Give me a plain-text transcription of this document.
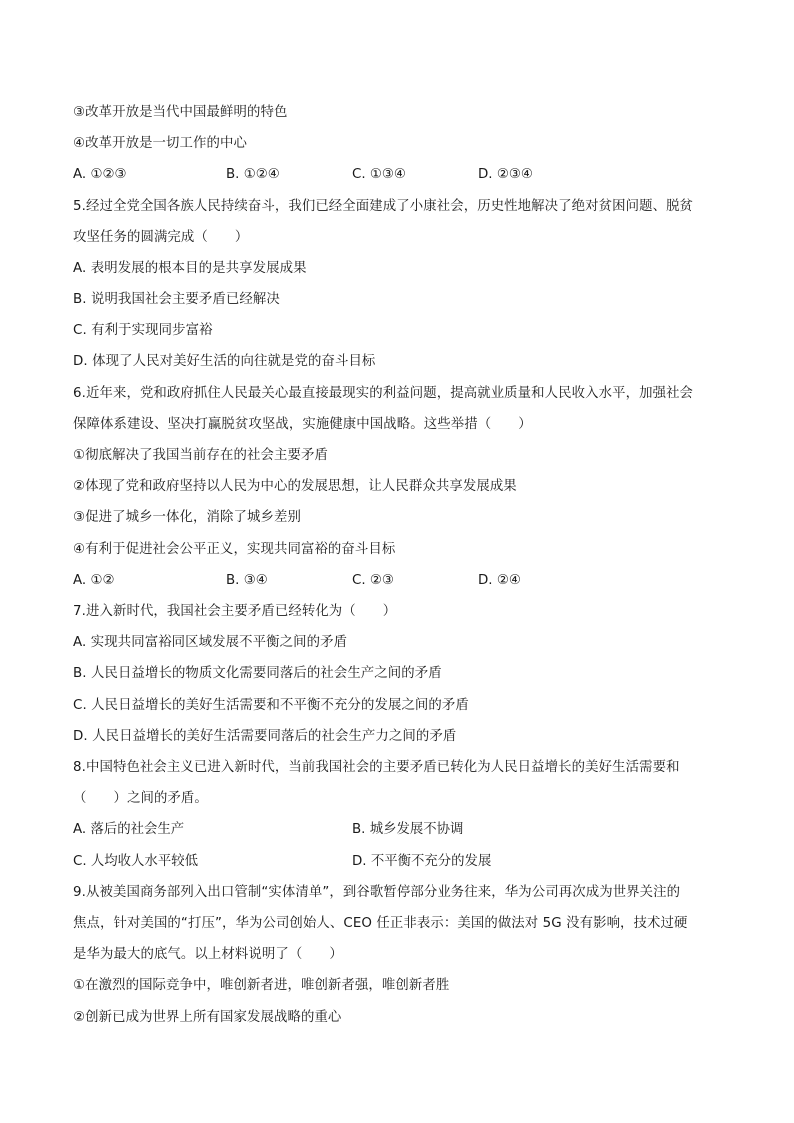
③改革开放是当代中国最鲜明的特色
④改革开放是一切工作的中心
A. ①②③	B. ①②④	C. ①③④	D. ②③④
5.经过全党全国各族人民持续奋斗，我们已经全面建成了小康社会，历史性地解决了绝对贫困问题、脱贫
攻坚任务的圆满完成（　　）
A. 表明发展的根本目的是共享发展成果
B. 说明我国社会主要矛盾已经解决
C. 有利于实现同步富裕
D. 体现了人民对美好生活的向往就是党的奋斗目标
6.近年来，党和政府抓住人民最关心最直接最现实的利益问题，提高就业质量和人民收入水平，加强社会
保障体系建设、坚决打赢脱贫攻坚战，实施健康中国战略。这些举措（　　）
①彻底解决了我国当前存在的社会主要矛盾
②体现了党和政府坚持以人民为中心的发展思想，让人民群众共享发展成果
③促进了城乡一体化，消除了城乡差别
④有利于促进社会公平正义，实现共同富裕的奋斗目标
A. ①②	B. ③④	C. ②③	D. ②④
7.进入新时代，我国社会主要矛盾已经转化为（　　）
A. 实现共同富裕同区域发展不平衡之间的矛盾
B. 人民日益增长的物质文化需要同落后的社会生产之间的矛盾
C. 人民日益增长的美好生活需要和不平衡不充分的发展之间的矛盾
D. 人民日益增长的美好生活需要同落后的社会生产力之间的矛盾
8.中国特色社会主义已进入新时代，当前我国社会的主要矛盾已转化为人民日益增长的美好生活需要和
（　　）之间的矛盾。
A. 落后的社会生产	B. 城乡发展不协调
C. 人均收人水平较低	D. 不平衡不充分的发展
9.从被美国商务部列入出口管制“实体清单”，到谷歌暂停部分业务往来，华为公司再次成为世界关注的
焦点，针对美国的“打压”，华为公司创始人、CEO 任正非表示：美国的做法对 5G 没有影响，技术过硬
是华为最大的底气。以上材料说明了（　　）
①在激烈的国际竞争中，唯创新者进，唯创新者强，唯创新者胜
②创新已成为世界上所有国家发展战略的重心
